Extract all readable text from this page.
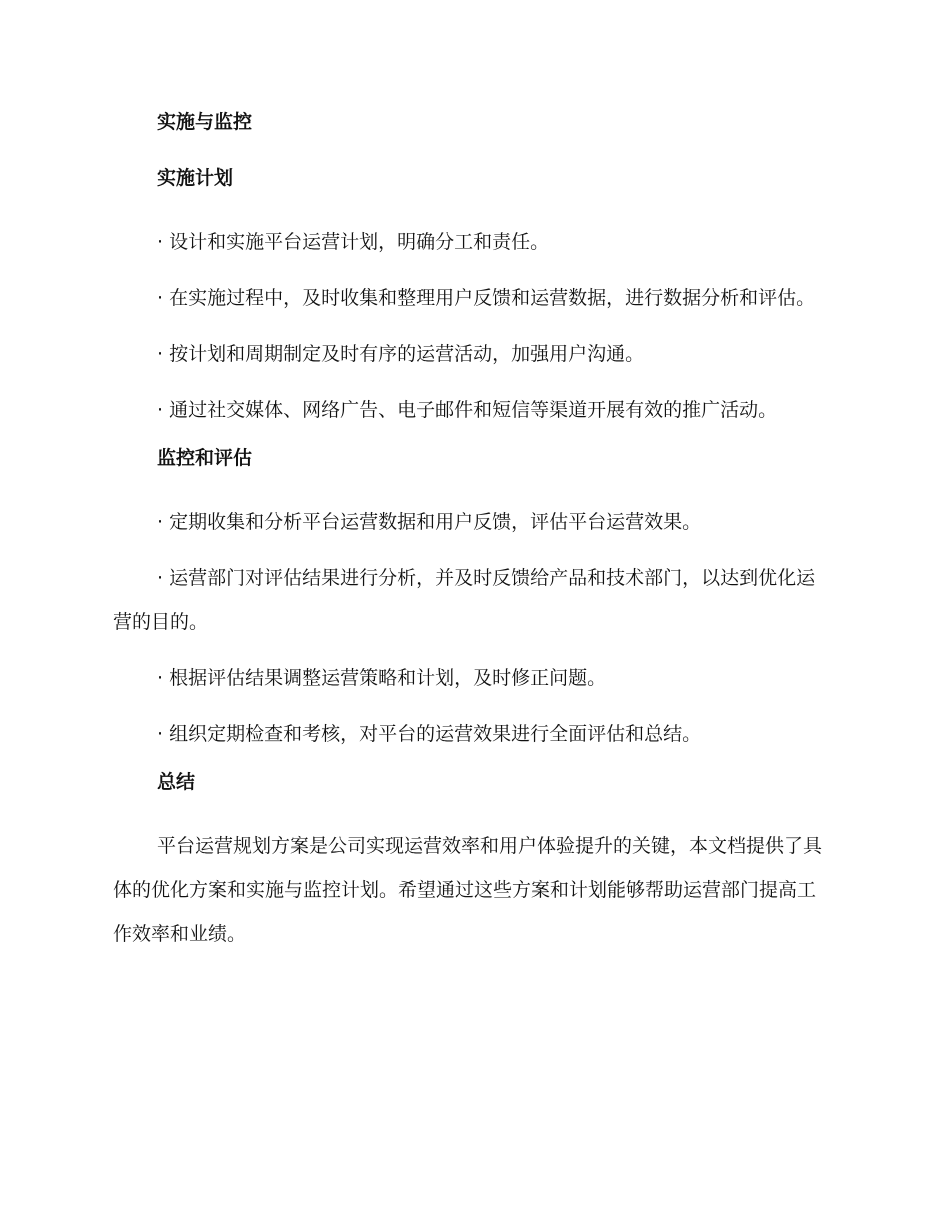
实施与监控
实施计划

· 设计和实施平台运营计划，明确分工和责任。

· 在实施过程中，及时收集和整理用户反馈和运营数据，进行数据分析和评估。

· 按计划和周期制定及时有序的运营活动，加强用户沟通。

· 通过社交媒体、网络广告、电子邮件和短信等渠道开展有效的推广活动。

监控和评估

· 定期收集和分析平台运营数据和用户反馈，评估平台运营效果。

· 运营部门对评估结果进行分析，并及时反馈给产品和技术部门，以达到优化运营的目的。

· 根据评估结果调整运营策略和计划，及时修正问题。

· 组织定期检查和考核，对平台的运营效果进行全面评估和总结。

总结

平台运营规划方案是公司实现运营效率和用户体验提升的关键，本文档提供了具体的优化方案和实施与监控计划。希望通过这些方案和计划能够帮助运营部门提高工作效率和业绩。
